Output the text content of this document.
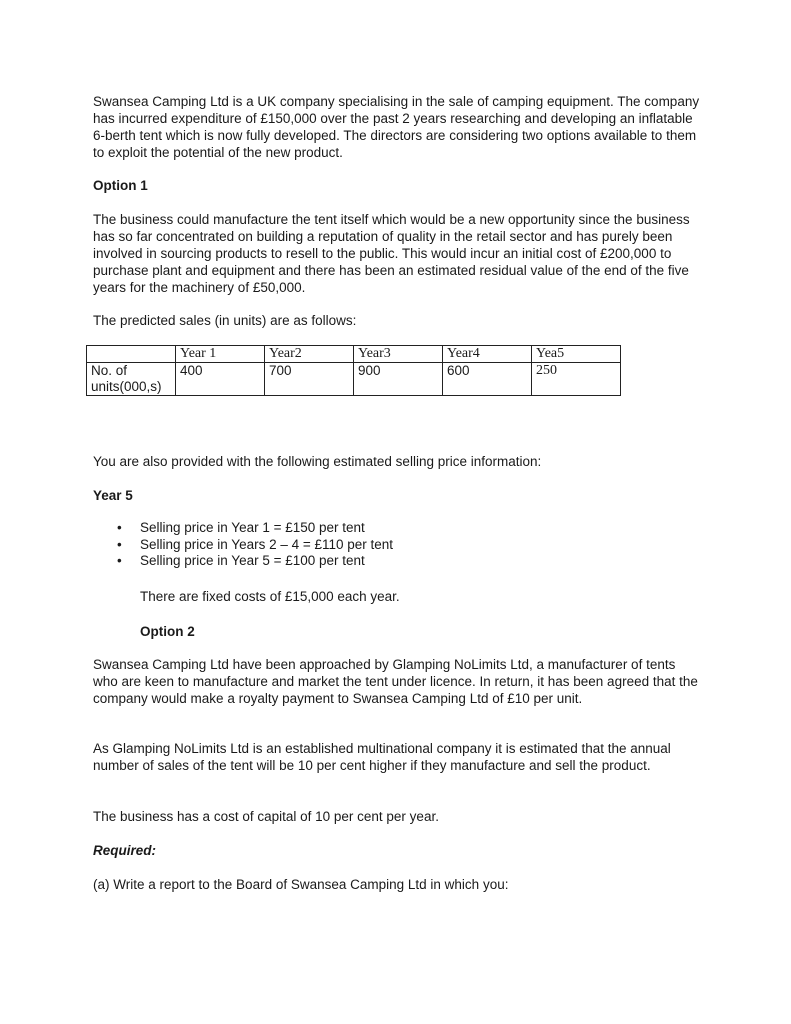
Swansea Camping Ltd is a UK company specialising in the sale of camping equipment. The company has incurred expenditure of £150,000 over the past 2 years researching and developing an inflatable 6-berth tent which is now fully developed. The directors are considering two options available to them to exploit the potential of the new product.

Option 1

The business could manufacture the tent itself which would be a new opportunity since the business has so far concentrated on building a reputation of quality in the retail sector and has purely been involved in sourcing products to resell to the public. This would incur an initial cost of £200,000 to purchase plant and equipment and there has been an estimated residual value of the end of the five years for the machinery of £50,000.

The predicted sales (in units) are as follows:

	Year 1	Year2	Year3	Year4	Yea5
No. of units(000,s)	400	700	900	600	250

You are also provided with the following estimated selling price information:

Year 5

• Selling price in Year 1 = £150 per tent
• Selling price in Years 2 – 4 = £110 per tent
• Selling price in Year 5 = £100 per tent

There are fixed costs of £15,000 each year.

Option 2

Swansea Camping Ltd have been approached by Glamping NoLimits Ltd, a manufacturer of tents who are keen to manufacture and market the tent under licence. In return, it has been agreed that the company would make a royalty payment to Swansea Camping Ltd of £10 per unit.

As Glamping NoLimits Ltd is an established multinational company it is estimated that the annual number of sales of the tent will be 10 per cent higher if they manufacture and sell the product.

The business has a cost of capital of 10 per cent per year.

Required:

(a) Write a report to the Board of Swansea Camping Ltd in which you:
